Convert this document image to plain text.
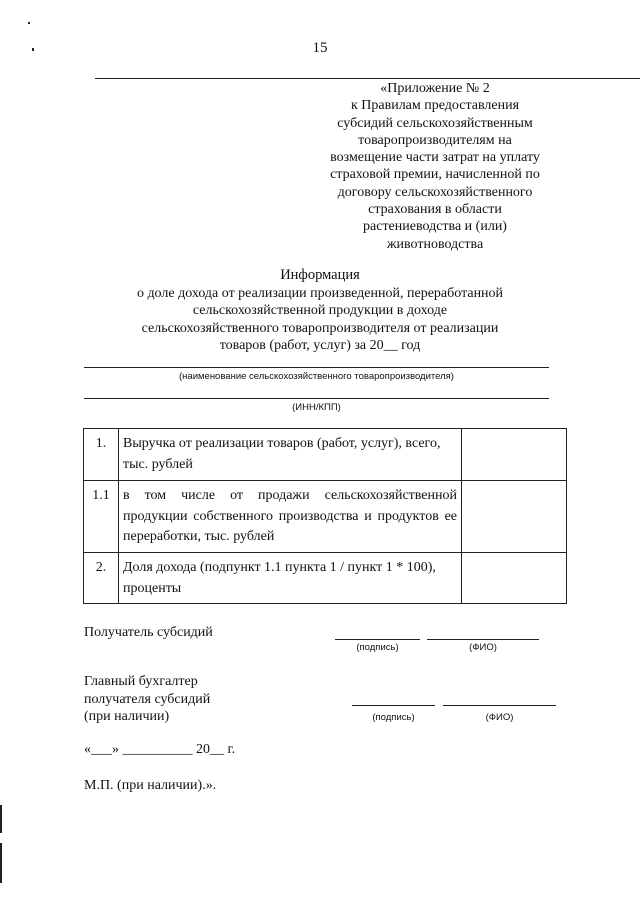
15
«Приложение № 2
к Правилам предоставления
субсидий сельскохозяйственным
товаропроизводителям на
возмещение части затрат на уплату
страховой премии, начисленной по
договору сельскохозяйственного
страхования в области
растениеводства и (или)
животноводства
Информация
о доле дохода от реализации произведенной, переработанной
сельскохозяйственной продукции в доходе
сельскохозяйственного товаропроизводителя от реализации
товаров (работ, услуг) за 20__ год
(наименование сельскохозяйственного товаропроизводителя)
(ИНН/КПП)
1.	Выручка от реализации товаров (работ, услуг), всего, тыс. рублей	
1.1	в том числе от продажи сельскохозяйственной продукции собственного производства и продуктов ее переработки, тыс. рублей	
2.	Доля дохода (подпункт 1.1 пункта 1 / пункт 1 * 100), проценты	
Получатель субсидий
(подпись)	(ФИО)
Главный бухгалтер
получателя субсидий
(при наличии)	(подпись)	(ФИО)
«___» __________ 20__ г.
М.П. (при наличии).».
